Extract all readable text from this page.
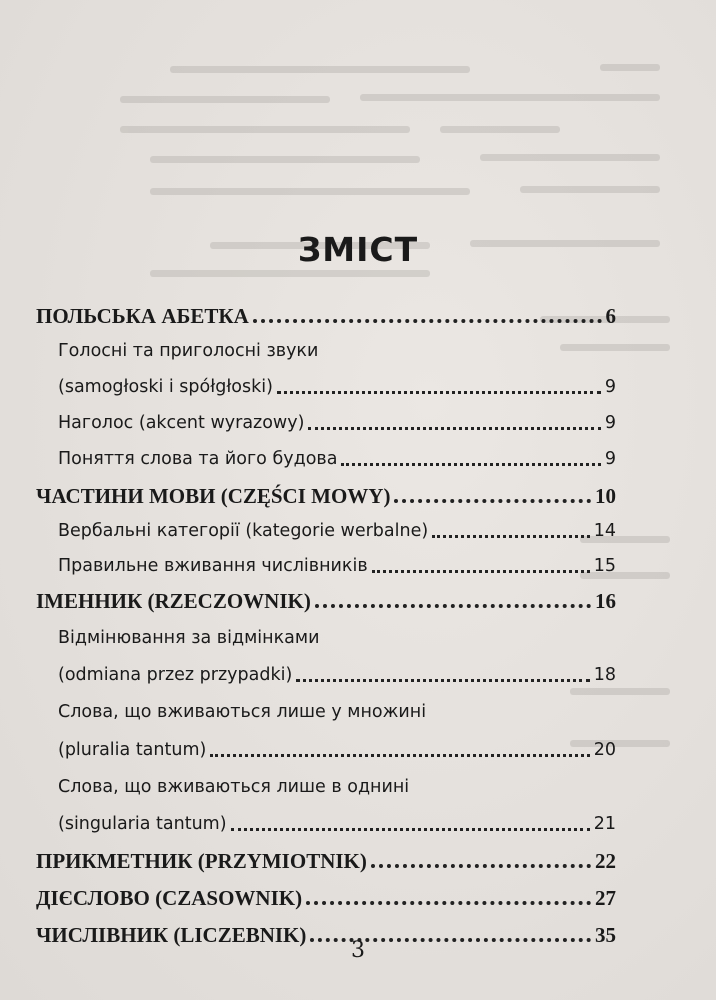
ЗМІСТ
ПОЛЬСЬКА АБЕТКА	6
Голосні та приголосні звуки
(samogłoski i spółgłoski)	9
Наголос (akcent wyrazowy)	9
Поняття слова та його будова	9
ЧАСТИНИ МОВИ (CZĘŚCI MOWY)	10
Вербальні категорії (kategorie werbalne)	14
Правильне вживання числівників	15
ІМЕННИК (RZECZOWNIK)	16
Відмінювання за відмінками
(odmiana przez przypadki)	18
Слова, що вживаються лише у множині
(pluralia tantum)	20
Слова, що вживаються лише в однині
(singularia tantum)	21
ПРИКМЕТНИК (PRZYMIOTNIK)	22
ДІЄСЛОВО (CZASOWNIK)	27
ЧИСЛІВНИК (LICZEBNIK)	35
3
